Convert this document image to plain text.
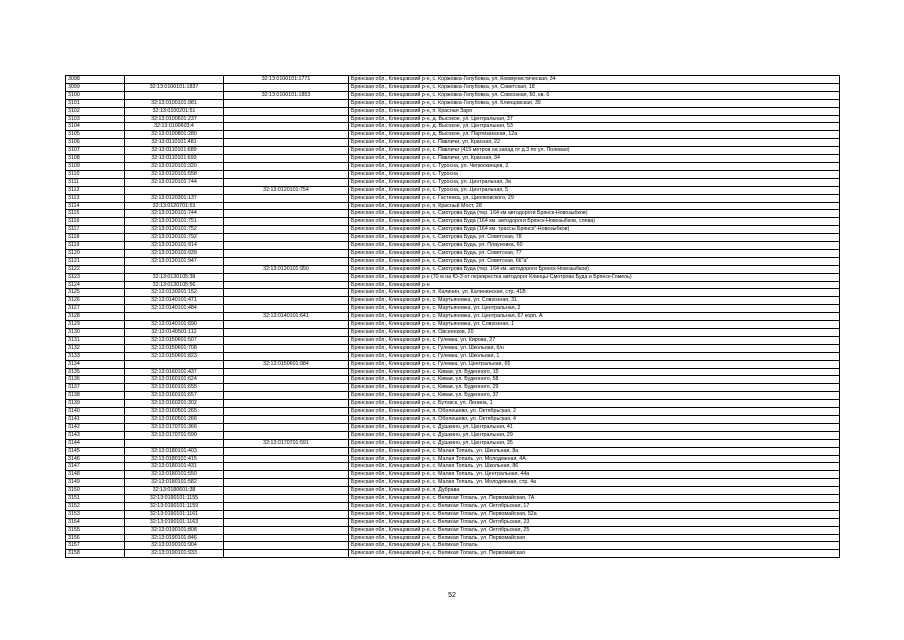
3098		32:13:0100101:1771	Брянская обл., Клинцовский р-н, с. Коржовка-Голубовка, ул. Коммунистическая, 34
3099	32:13:0100101:1837		Брянская обл., Клинцовский р-н, с. Коржовка-Голубовка, ул. Советская, 18
3100		32:13:0100101:1853	Брянская обл., Клинцовский р-н, с. Коржовка-Голубовка, ул. Совхозная, 50, кв. 6
3101	32:13:0100101:981		Брянская обл., Клинцовский р-н, с. Коржовка-Голубовка, ул. Клинцовская, 39
3102	32:13:0100201:51		Брянская обл., Клинцовский р-н, п. Красная Заря
3103	32:13:0100601:237		Брянская обл., Клинцовский р-н, д. Высокое, ул. Центральная, 37
3104	32:13:0100603:4		Брянская обл., Клинцовский р-н, д. Высокое, ул. Центральная, 53
3105	32:13:0100801:280		Брянская обл., Клинцовский р-н, д. Высокое, ул. Партизанская, 12а
3106	32:13:0110101:481		Брянская обл., Клинцовский р-н, с. Павличи, ул. Красная, 22
3107	32:13:0110101:689		Брянская обл., Клинцовский р-н, с. Павличи (415 метров на запад от д.3 по ул. Полевая)
3108	32:13:0110101:693		Брянская обл., Клинцовский р-н, с. Павличи, ул. Красная, 34
3109	32:13:0120101:320		Брянская обл., Клинцовский р-н, с. Туросна, ул. Челюскинцев, 2
3110	32:13:0120101:558		Брянская обл., Клинцовский р-н, с. Туросна
3111	32:13:0120101:744		Брянская обл., Клинцовский р-н, с. Туросна, ул. Центральная, 3в
3112		32:13:0120101:754	Брянская обл., Клинцовский р-н, с. Туросна, ул. Центральная, 5
3113	32:13:0120301:137		Брянская обл., Клинцовский р-н, с. Гастенка, ул. Циолковского, 29
3114	32:13:0120701:53		Брянская обл., Клинцовский р-н, п. Красный Мост, 28
3115	32:13:0130101:744		Брянская обл., Клинцовский р-н, с. Смотрова Буда (тер. 164 км автодороги Брянск-Новозыбков)
3116	32:13:0130101:751		Брянская обл., Клинцовский р-н, с. Смотрова Буда (164 км. автодороги Брянск-Новозыбков, слева)
3117	32:13:0130101:752		Брянская обл., Клинцовский р-н, с. Смотрова Буда (164 км. трассы Брянск"-Новозыбков)
3118	32:13:0130101:792		Брянская обл., Клинцовский р-н, с. Смотрова Буда, ул. Советская, 78
3119	32:13:0130101:914		Брянская обл., Клинцовский р-н, с. Смотрова Буда, ул. Плауновка, 60
3120	32:13:0130101:939		Брянская обл., Клинцовский р-н, с. Смотрова Буда, ул. Советская, 77
3121	32:13:0130101:947		Брянская обл., Клинцовский р-н, с. Смотрова Буда, ул. Советская, 66"а"
3122		32:13:0130101:950	Брянская обл., Клинцовский р-н, с. Смотрова Буда (тер. 164 км. автодороги Брянск-Новозыбков)
3123	32:13:0130105:38		Брянская обл., Клинцовский р-н (70 м на Ю-З от перекрестка автодорог Клинцы-Смотрова Буда и Брянск-Гомель)
3124	32:13:0130105:56		Брянская обл., Клинцовский р-н
3125	32:13:0130201:152		Брянская обл., Клинцовский р-н, п. Калинин, ул. Калининская, стр. 41В
3126	32:13:0140101:471		Брянская обл., Клинцовский р-н, с. Мартьяновка, ул. Совхозная, 31
3127	32:13:0140101:484		Брянская обл., Клинцовский р-н, с. Мартьяновка, ул. Центральная, 2
3128		32:13:0140101:641	Брянская обл., Клинцовский р-н, с. Мартьяновка, ул. Центральная, 67 корп. А
3129	32:13:0140101:690		Брянская обл., Клинцовский р-н, с. Мартьяновка, ул. Совхозная, 1
3130	32:13:0140501:112		Брянская обл., Клинцовский р-н, п. Овсеенков, 20
3131	32:13:0150601:507		Брянская обл., Клинцовский р-н, с. Гулевка, ул. Кирова, 27
3132	32:13:0150601:708		Брянская обл., Клинцовский р-н, с. Гулевка, ул. Школьная, б/н
3133	32:13:0150601:823		Брянская обл., Клинцовский р-н, с. Гулевка, ул. Школьная, 1
3134		32:13:0150601:984	Брянская обл., Клинцовский р-н, с. Гулевка, ул. Центральная, 65
3135	32:13:0160101:437		Брянская обл., Клинцовский р-н, с. Киваи, ул. Буденного, 15
3136	32:13:0160101:624		Брянская обл., Клинцовский р-н, с. Киваи, ул. Буденного, 58
3137	32:13:0160101:655		Брянская обл., Клинцовский р-н, с. Киваи, ул. Буденного, 29
3138	32:13:0160101:657		Брянская обл., Клинцовский р-н, с. Киваи, ул. Буденного, 37
3139	32:13:0160201:302		Брянская обл., Клинцовский р-н, с. Бутовск, ул. Ленина, 1
3140	32:13:0160501:265		Брянская обл., Клинцовский р-н, п. Оболешево, ул. Октябрьская, 2
3141	32:13:0160501:266		Брянская обл., Клинцовский р-н, п. Оболешево, ул. Октябрьская, 4
3142	32:13:0170701:366		Брянская обл., Клинцовский р-н, с. Душкино, ул. Центральная, 41
3143	32:13:0170701:590		Брянская обл., Клинцовский р-н, с. Душкино, ул. Центральная, 29
3144		32:13:0170701:591	Брянская обл., Клинцовский р-н, с. Душкино, ул. Центральная, 35
3145	32:13:0180101:403		Брянская обл., Клинцовский р-н, с. Малая Топаль, ул. Школьная, 8а
3146	32:13:0180101:415		Брянская обл., Клинцовский р-н, с. Малая Топаль, ул. Молодежная, 4А
3147	32:13:0180101:431		Брянская обл., Клинцовский р-н, с. Малая Топаль, ул. Школьная, 86
3148	32:13:0180101:550		Брянская обл., Клинцовский р-н, с. Малая Топаль, ул. Центральная, 44а
3149	32:13:0180101:582		Брянская обл., Клинцовский р-н, с. Малая Топаль, ул. Молодежная, стр. 4а
3150	32:13:0180601:38		Брянская обл., Клинцовский р-н, п. Дубрава
3151	32:13:0190101:1155		Брянская обл., Клинцовский р-н, с. Великая Топаль, ул. Первомайская, 7А
3152	32:13:0190101:1159		Брянская обл., Клинцовский р-н, с. Великая Топаль, ул. Октябрьская, 17
3153	32:13:0190101:1161		Брянская обл., Клинцовский р-н, с. Великая Топаль, ул. Первомайская, 52а
3154	32:13:0190101:1163		Брянская обл., Клинцовский р-н, с. Великая Топаль, ул. Октябрьская, 23
3155	32:13:0190101:808		Брянская обл., Клинцовский р-н, с. Великая Топаль, ул. Октябрьская, 25
3156	32:13:0190101:846		Брянская обл., Клинцовский р-н, с. Великая Топаль, ул. Первомайская
3157	32:13:0190101:904		Брянская обл., Клинцовский р-н, с. Великая Топаль
3158	32:13:0190101:933		Брянская обл., Клинцовский р-н, с. Великая Топаль, ул. Первомайская
52
